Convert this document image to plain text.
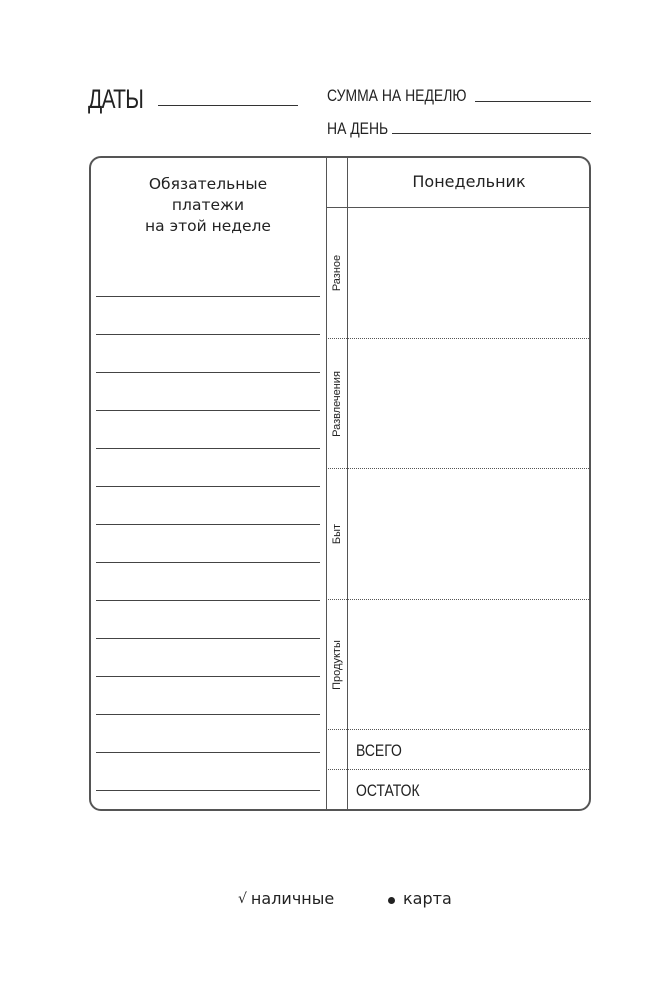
ДАТЫ	СУММА НА НЕДЕЛЮ
НА ДЕНЬ
Обязательные
платежи
на этой неделе
Понедельник
Разное
Развлечения
Быт
Продукты
ВСЕГО
ОСТАТОК
√ наличные	карта
